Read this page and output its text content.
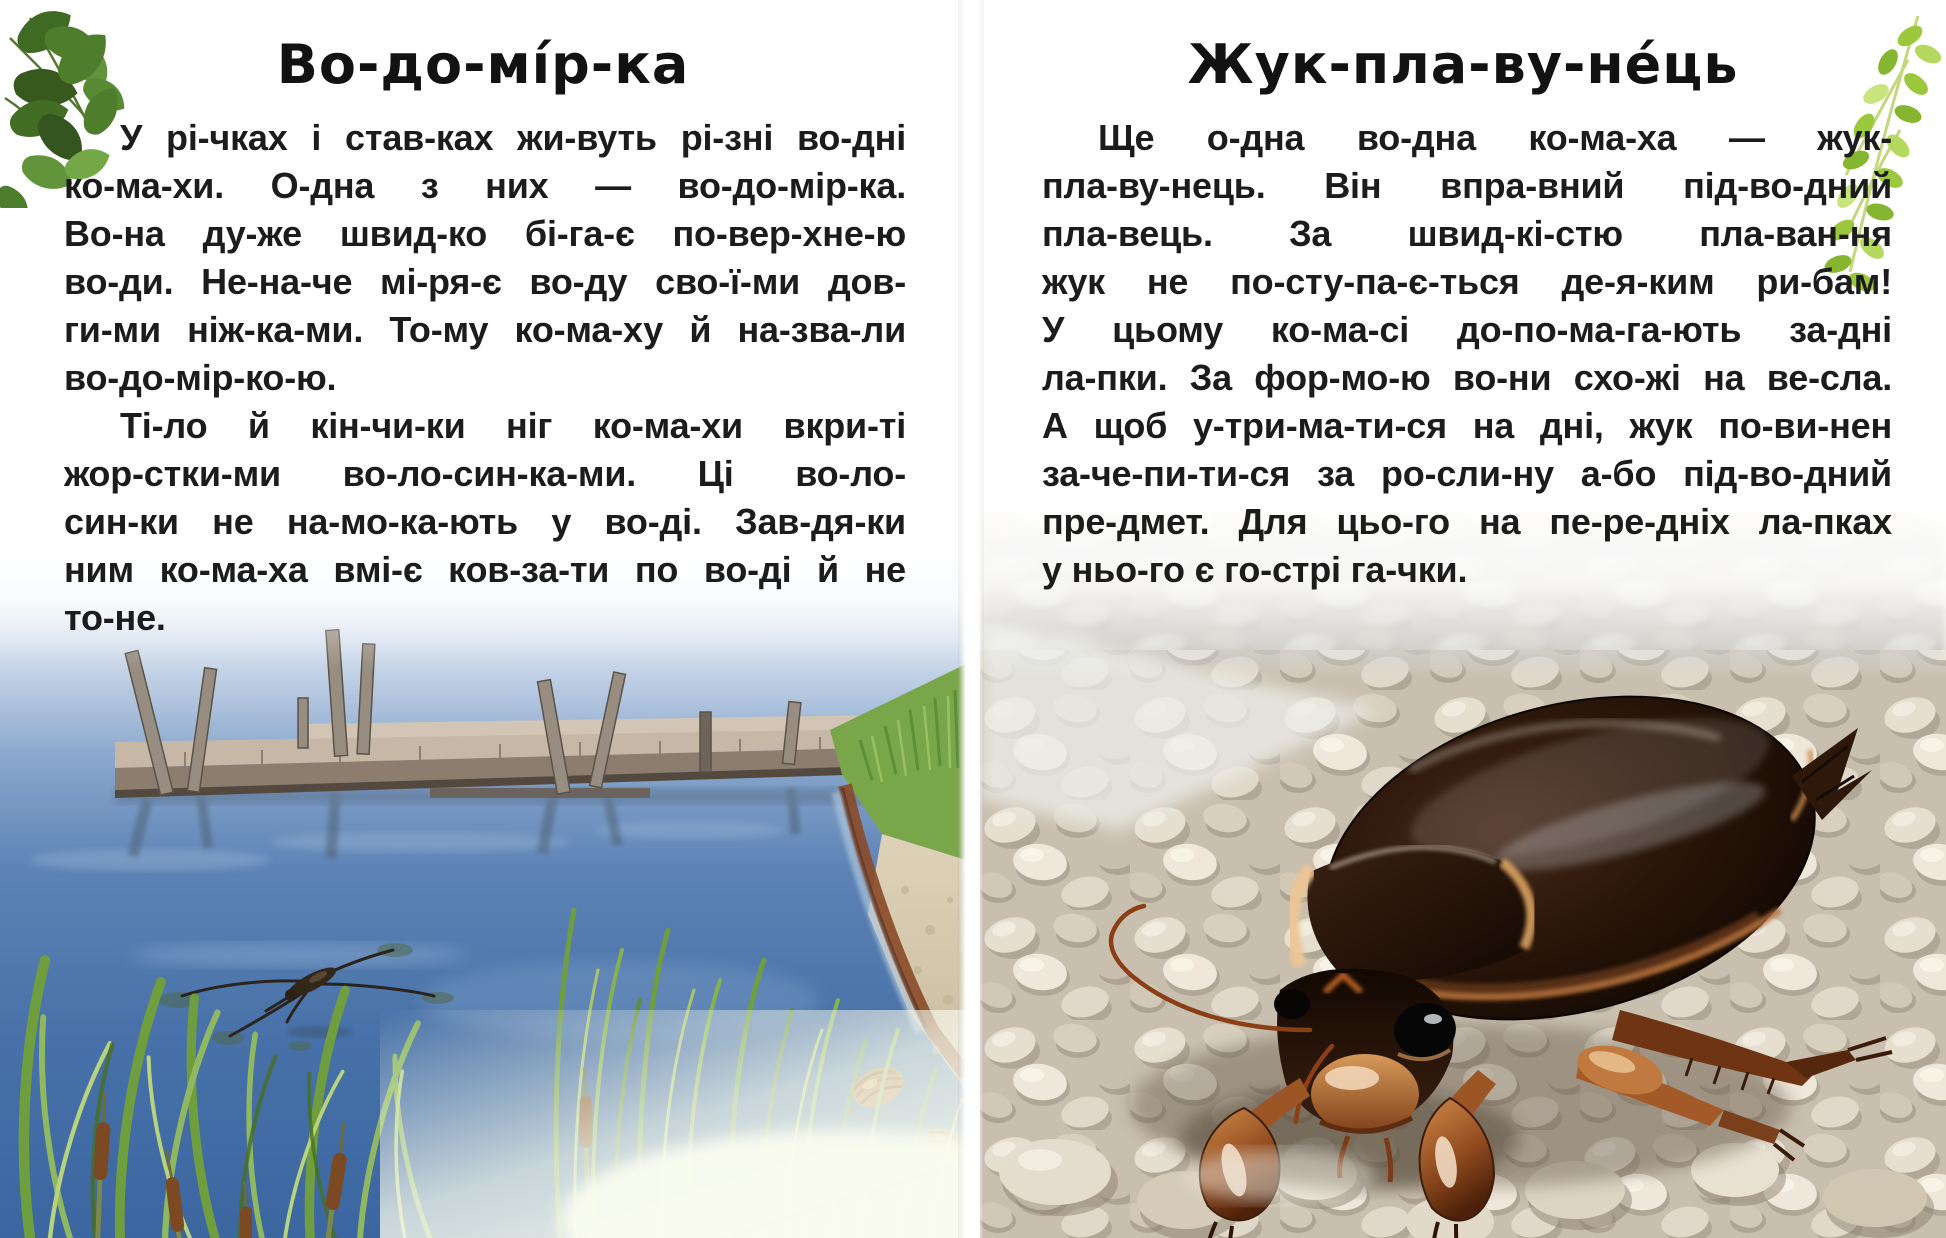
Во-до-мі́р-ка
У рі-чках і став-ках жи-вуть рі-зні во-дні
ко-ма-хи. О-дна з них — во-до-мір-ка.
Во-на ду-же швид-ко бі-га-є по-вер-хне-ю
во-ди. Не-на-че мі-ря-є во-ду сво-ї-ми дов-
ги-ми ніж-ка-ми. То-му ко-ма-ху й на-зва-ли
во-до-мір-ко-ю.
Ті-ло й кін-чи-ки ніг ко-ма-хи вкри-ті
жор-стки-ми во-ло-син-ка-ми. Ці во-ло-
син-ки не на-мо-ка-ють у во-ді. Зав-дя-ки
ним ко-ма-ха вмі-є ков-за-ти по во-ді й не
то-не.
Жук-пла-ву-не́ць
Ще о-дна во-дна ко-ма-ха — жук-
пла-ву-нець. Він впра-вний під-во-дний
пла-вець. За швид-кі-стю пла-ван-ня
жук не по-сту-па-є-ться де-я-ким ри-бам!
У цьому ко-ма-сі до-по-ма-га-ють за-дні
ла-пки. За фор-мо-ю во-ни схо-жі на ве-сла.
А щоб у-три-ма-ти-ся на дні, жук по-ви-нен
за-че-пи-ти-ся за ро-сли-ну а-бо під-во-дний
пре-дмет. Для цьо-го на пе-ре-дніх ла-пках
у ньо-го є го-стрі га-чки.
